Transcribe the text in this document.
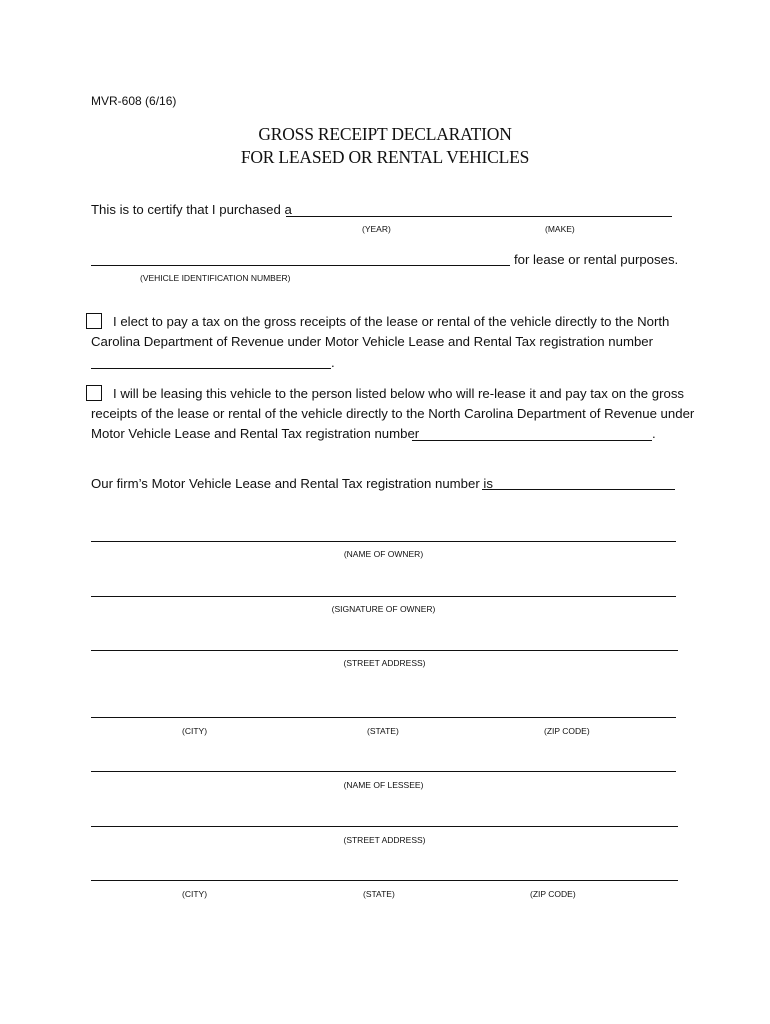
MVR-608 (6/16)
GROSS RECEIPT DECLARATION
FOR LEASED OR RENTAL VEHICLES
This is to certify that I purchased a
(YEAR)	(MAKE)
for lease or rental purposes.
(VEHICLE IDENTIFICATION NUMBER)
I elect to pay a tax on the gross receipts of the lease or rental of the vehicle directly to the North
Carolina Department of Revenue under Motor Vehicle Lease and Rental Tax registration number
.
I will be leasing this vehicle to the person listed below who will re-lease it and pay tax on the gross
receipts of the lease or rental of the vehicle directly to the North Carolina Department of Revenue under
Motor Vehicle Lease and Rental Tax registration number	.
Our firm’s Motor Vehicle Lease and Rental Tax registration number is
(NAME OF OWNER)
(SIGNATURE OF OWNER)
(STREET ADDRESS)
(CITY)	(STATE)	(ZIP CODE)
(NAME OF LESSEE)
(STREET ADDRESS)
(CITY)	(STATE)	(ZIP CODE)
